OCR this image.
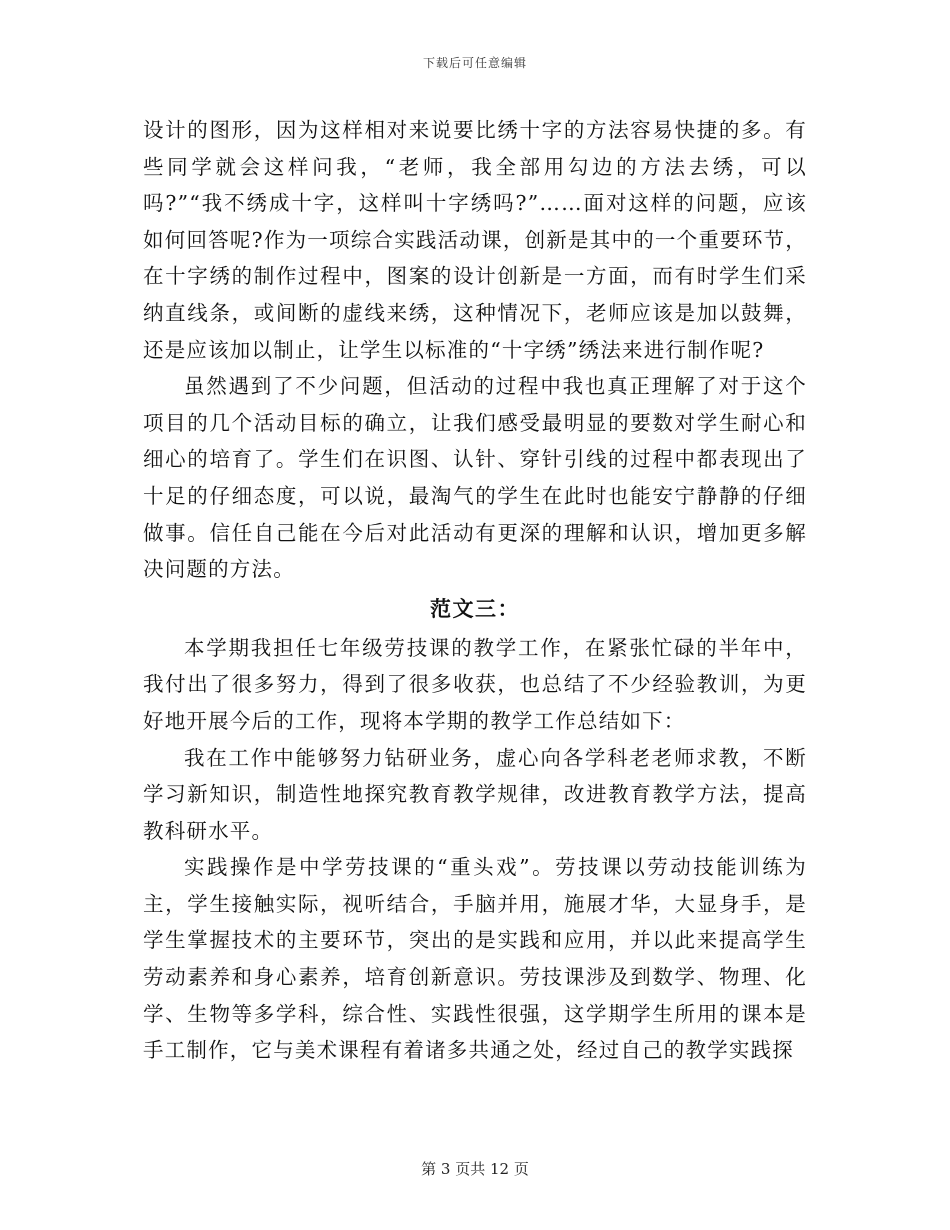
下载后可任意编辑

设计的图形，因为这样相对来说要比绣十字的方法容易快捷的多。有些同学就会这样问我，“老师，我全部用勾边的方法去绣，可以吗?”“我不绣成十字，这样叫十字绣吗?”……面对这样的问题，应该如何回答呢?作为一项综合实践活动课，创新是其中的一个重要环节，在十字绣的制作过程中，图案的设计创新是一方面，而有时学生们采纳直线条，或间断的虚线来绣，这种情况下，老师应该是加以鼓舞，还是应该加以制止，让学生以标准的“十字绣”绣法来进行制作呢?

虽然遇到了不少问题，但活动的过程中我也真正理解了对于这个项目的几个活动目标的确立，让我们感受最明显的要数对学生耐心和细心的培育了。学生们在识图、认针、穿针引线的过程中都表现出了十足的仔细态度，可以说，最淘气的学生在此时也能安宁静静的仔细做事。信任自己能在今后对此活动有更深的理解和认识，增加更多解决问题的方法。

范文三：

本学期我担任七年级劳技课的教学工作，在紧张忙碌的半年中，我付出了很多努力，得到了很多收获，也总结了不少经验教训，为更好地开展今后的工作，现将本学期的教学工作总结如下：

我在工作中能够努力钻研业务，虚心向各学科老老师求教，不断学习新知识，制造性地探究教育教学规律，改进教育教学方法，提高教科研水平。

实践操作是中学劳技课的“重头戏”。劳技课以劳动技能训练为主，学生接触实际，视听结合，手脑并用，施展才华，大显身手，是学生掌握技术的主要环节，突出的是实践和应用，并以此来提高学生劳动素养和身心素养，培育创新意识。劳技课涉及到数学、物理、化学、生物等多学科，综合性、实践性很强，这学期学生所用的课本是手工制作，它与美术课程有着诸多共通之处，经过自己的教学实践探

第 3 页共 12 页
